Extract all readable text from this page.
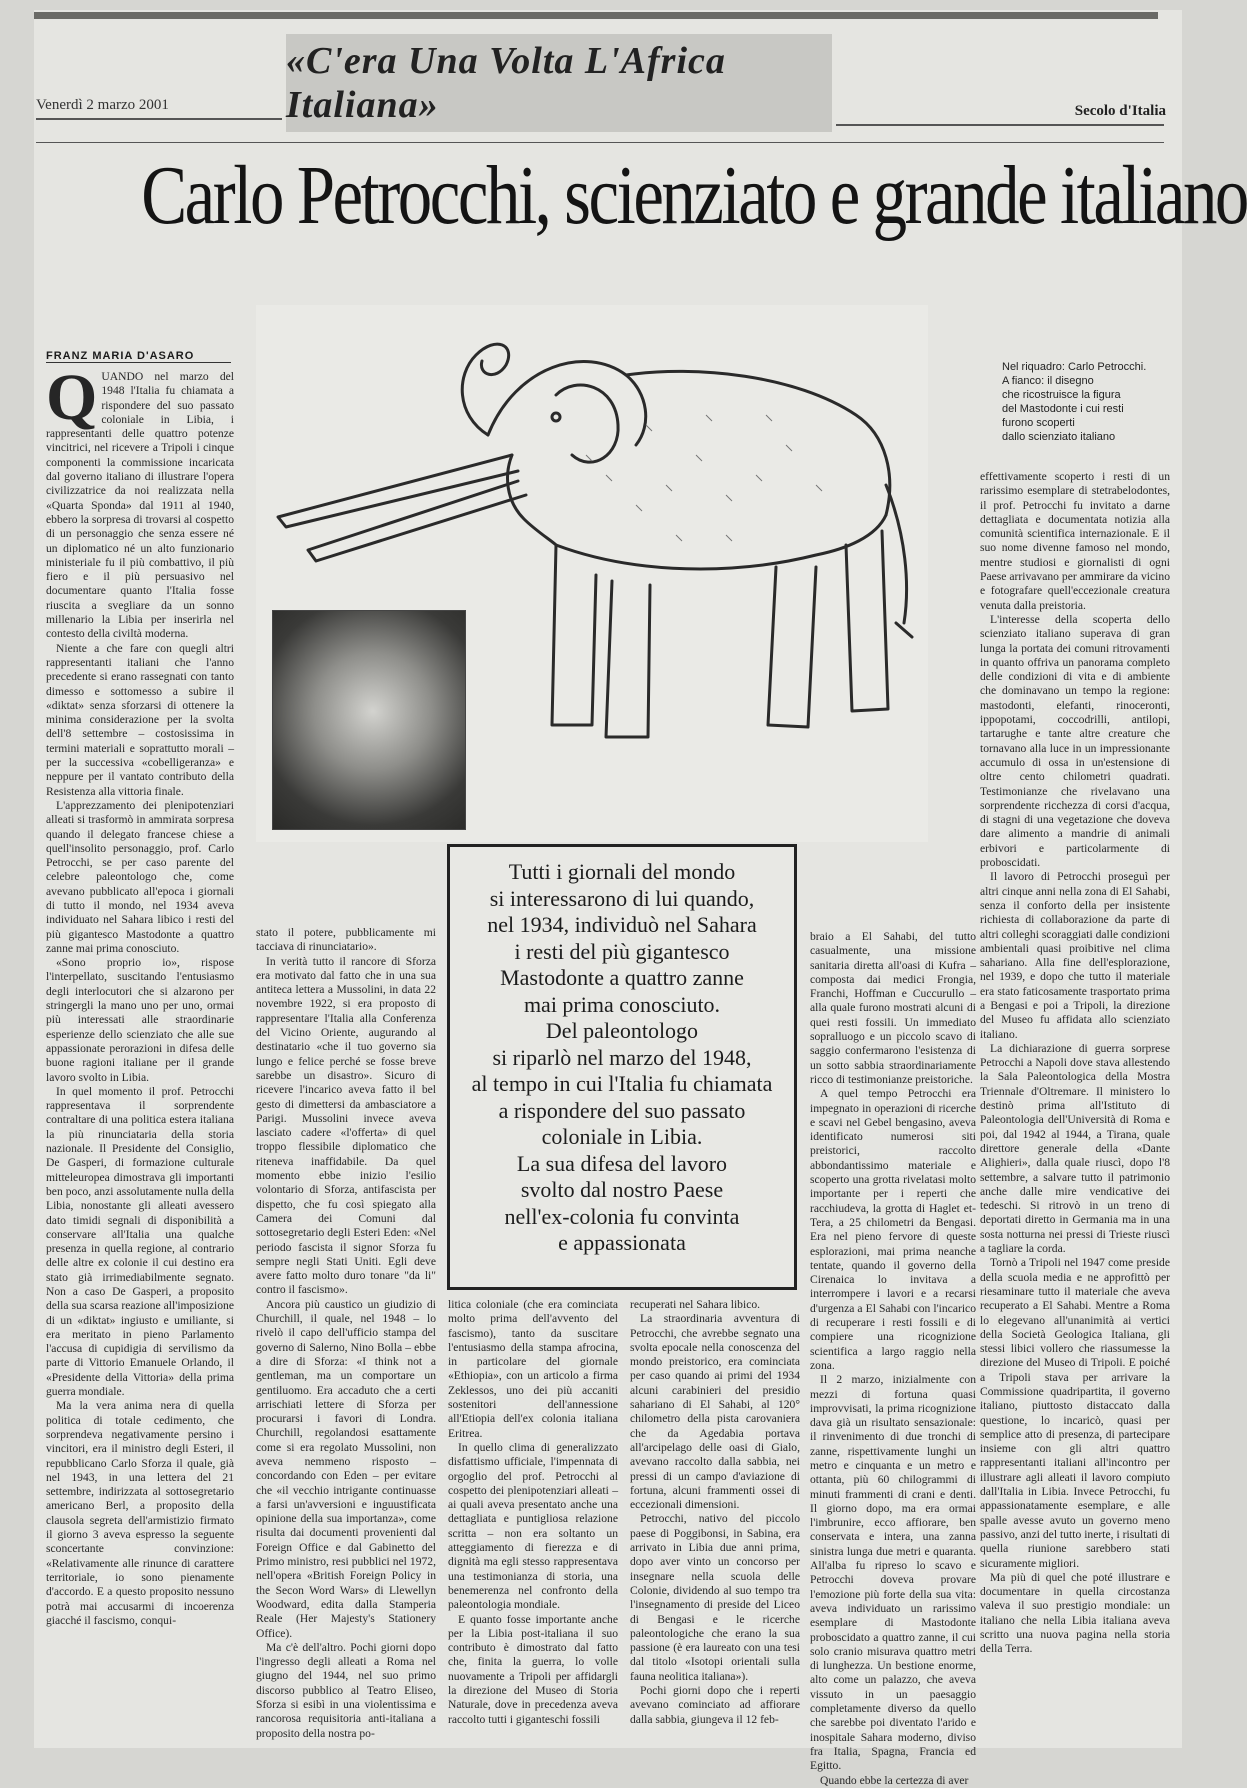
«C'era Una Volta L'Africa Italiana»
Venerdì 2 marzo 2001	Secolo d'Italia
Carlo Petrocchi, scienziato e grande italiano
FRANZ MARIA D'ASARO
Q UANDO nel marzo del 1948 l'Italia fu chiamata a rispondere del suo passato coloniale in Libia, i rappresentanti delle quattro potenze vincitrici, nel ricevere a Tripoli i cinque componenti la commissione incaricata dal governo italiano di illustrare l'opera civilizzatrice da noi realizzata nella «Quarta Sponda» dal 1911 al 1940, ebbero la sorpresa di trovarsi al cospetto di un personaggio che senza essere né un diplomatico né un alto funzionario ministeriale fu il più combattivo, il più fiero e il più persuasivo nel documentare quanto l'Italia fosse riuscita a svegliare da un sonno millenario la Libia per inserirla nel contesto della civiltà moderna.

Niente a che fare con quegli altri rappresentanti italiani che l'anno precedente si erano rassegnati con tanto dimesso e sottomesso a subire il «diktat» senza sforzarsi di ottenere la minima considerazione per la svolta dell'8 settembre – costosissima in termini materiali e soprattutto morali – per la successiva «cobelligeranza» e neppure per il vantato contributo della Resistenza alla vittoria finale.

L'apprezzamento dei plenipotenziari alleati si trasformò in ammirata sorpresa quando il delegato francese chiese a quell'insolito personaggio, prof. Carlo Petrocchi, se per caso parente del celebre paleontologo che, come avevano pubblicato all'epoca i giornali di tutto il mondo, nel 1934 aveva individuato nel Sahara libico i resti del più gigantesco Mastodonte a quattro zanne mai prima conosciuto.

«Sono proprio io», rispose l'interpellato, suscitando l'entusiasmo degli interlocutori che si alzarono per stringergli la mano uno per uno, ormai più interessati alle straordinarie esperienze dello scienziato che alle sue appassionate perorazioni in difesa delle buone ragioni italiane per il grande lavoro svolto in Libia.

In quel momento il prof. Petrocchi rappresentava il sorprendente contraltare di una politica estera italiana la più rinunciataria della storia nazionale. Il Presidente del Consiglio, De Gasperi, di formazione culturale mitteleuropea dimostrava gli importanti ben poco, anzi assolutamente nulla della Libia, nonostante gli alleati avessero dato timidi segnali di disponibilità a conservare all'Italia una qualche presenza in quella regione, al contrario delle altre ex colonie il cui destino era stato già irrimediabilmente segnato. Non a caso De Gasperi, a proposito della sua scarsa reazione all'imposizione di un «diktat» ingiusto e umiliante, si era meritato in pieno Parlamento l'accusa di cupidigia di servilismo da parte di Vittorio Emanuele Orlando, il «Presidente della Vittoria» della prima guerra mondiale.

Ma la vera anima nera di quella politica di totale cedimento, che sorprendeva negativamente persino i vincitori, era il ministro degli Esteri, il repubblicano Carlo Sforza il quale, già nel 1943, in una lettera del 21 settembre, indirizzata al sottosegretario americano Berl, a proposito della clausola segreta dell'armistizio firmato il giorno 3 aveva espresso la seguente sconcertante convinzione: «Relativamente alle rinunce di carattere territoriale, io sono pienamente d'accordo. E a questo proposito nessuno potrà mai accusarmi di incoerenza giacché il fascismo, conqui-

Nel riquadro: Carlo Petrocchi.
A fianco: il disegno
che ricostruisce la figura
del Mastodonte i cui resti
furono scoperti
dallo scienziato italiano

effettivamente scoperto i resti di un rarissimo esemplare di stetrabelodontes, il prof. Petrocchi fu invitato a darne dettagliata e documentata notizia alla comunità scientifica internazionale. E il suo nome divenne famoso nel mondo, mentre studiosi e giornalisti di ogni Paese arrivavano per ammirare da vicino e fotografare quell'eccezionale creatura venuta dalla preistoria.

L'interesse della scoperta dello scienziato italiano superava di gran lunga la portata dei comuni ritrovamenti in quanto offriva un panorama completo delle condizioni di vita e di ambiente che dominavano un tempo la regione: mastodonti, elefanti, rinoceronti, ippopotami, coccodrilli, antilopi, tartarughe e tante altre creature che tornavano alla luce in un impressionante accumulo di ossa in un'estensione di oltre cento chilometri quadrati. Testimonianze che rivelavano una sorprendente ricchezza di corsi d'acqua, di stagni di una vegetazione che doveva dare alimento a mandrie di animali erbivori e particolarmente di proboscidati.

Il lavoro di Petrocchi proseguì per altri cinque anni nella zona di El Sahabi, senza il conforto della per insistente richiesta di collaborazione da parte di altri colleghi scoraggiati dalle condizioni ambientali quasi proibitive nel clima sahariano. Alla fine dell'esplorazione, nel 1939, e dopo che tutto il materiale era stato faticosamente trasportato prima a Bengasi e poi a Tripoli, la direzione del Museo fu affidata allo scienziato italiano.

La dichiarazione di guerra sorprese Petrocchi a Napoli dove stava allestendo la Sala Paleontologica della Mostra Triennale d'Oltremare. Il ministero lo destinò prima all'Istituto di Paleontologia dell'Università di Roma e poi, dal 1942 al 1944, a Tirana, quale direttore generale della «Dante Alighieri», dalla quale riuscì, dopo l'8 settembre, a salvare tutto il patrimonio anche dalle mire vendicative dei tedeschi. Si ritrovò in un treno di deportati diretto in Germania ma in una sosta notturna nei pressi di Trieste riuscì a tagliare la corda.

Tornò a Tripoli nel 1947 come preside della scuola media e ne approfittò per riesaminare tutto il materiale che aveva recuperato a El Sahabi. Mentre a Roma lo elegevano all'unanimità ai vertici della Società Geologica Italiana, gli stessi libici vollero che riassumesse la direzione del Museo di Tripoli. E poiché a Tripoli stava per arrivare la Commissione quadripartita, il governo italiano, piuttosto distaccato dalla questione, lo incaricò, quasi per semplice atto di presenza, di partecipare insieme con gli altri quattro rappresentanti italiani all'incontro per illustrare agli alleati il lavoro compiuto dall'Italia in Libia. Invece Petrocchi, fu appassionatamente esemplare, e alle spalle avesse avuto un governo meno passivo, anzi del tutto inerte, i risultati di quella riunione sarebbero stati sicuramente migliori.

Ma più di quel che poté illustrare e documentare in quella circostanza valeva il suo prestigio mondiale: un italiano che nella Libia italiana aveva scritto una nuova pagina nella storia della Terra.

Tutti i giornali del mondo
si interessarono di lui quando,
nel 1934, individuò nel Sahara
i resti del più gigantesco
Mastodonte a quattro zanne
mai prima conosciuto.
Del paleontologo
si riparlò nel marzo del 1948,
al tempo in cui l'Italia fu chiamata
a rispondere del suo passato
coloniale in Libia.
La sua difesa del lavoro
svolto dal nostro Paese
nell'ex-colonia fu convinta
e appassionata

stato il potere, pubblicamente mi tacciava di rinunciatario».

In verità tutto il rancore di Sforza era motivato dal fatto che in una sua antiteca lettera a Mussolini, in data 22 novembre 1922, si era proposto di rappresentare l'Italia alla Conferenza del Vicino Oriente, augurando al destinatario «che il tuo governo sia lungo e felice perché se fosse breve sarebbe un disastro». Sicuro di ricevere l'incarico aveva fatto il bel gesto di dimettersi da ambasciatore a Parigi. Mussolini invece aveva lasciato cadere «l'offerta» di quel troppo flessibile diplomatico che riteneva inaffidabile. Da quel momento ebbe inizio l'esilio volontario di Sforza, antifascista per dispetto, che fu così spiegato alla Camera dei Comuni dal sottosegretario degli Esteri Eden: «Nel periodo fascista il signor Sforza fu sempre negli Stati Uniti. Egli deve avere fatto molto duro tonare "da li" contro il fascismo».

Ancora più caustico un giudizio di Churchill, il quale, nel 1948 – lo rivelò il capo dell'ufficio stampa del governo di Salerno, Nino Bolla – ebbe a dire di Sforza: «I think not a gentleman, ma un comportare un gentiluomo. Era accaduto che a certi arrischiati lettere di Sforza per procurarsi i favori di Londra. Churchill, regolandosi esattamente come si era regolato Mussolini, non aveva nemmeno risposto – concordando con Eden – per evitare che «il vecchio intrigante continuasse a farsi un'avversioni e inguustificata opinione della sua importanza», come risulta dai documenti provenienti dal Foreign Office e dal Gabinetto del Primo ministro, resi pubblici nel 1972, nell'opera «British Foreign Policy in the Secon Word Wars» di Llewellyn Woodward, edita dalla Stamperia Reale (Her Majesty's Stationery Office).

Ma c'è dell'altro. Pochi giorni dopo l'ingresso degli alleati a Roma nel giugno del 1944, nel suo primo discorso pubblico al Teatro Eliseo, Sforza si esibì in una violentissima e rancorosa requisitoria anti-italiana a proposito della nostra po-

litica coloniale (che era cominciata molto prima dell'avvento del fascismo), tanto da suscitare l'entusiasmo della stampa afrocina, in particolare del giornale «Ethiopia», con un articolo a firma Zeklessos, uno dei più accaniti sostenitori dell'annessione all'Etiopia dell'ex colonia italiana Eritrea.

In quello clima di generalizzato disfattismo ufficiale, l'impennata di orgoglio del prof. Petrocchi al cospetto dei plenipotenziari alleati – ai quali aveva presentato anche una dettagliata e puntigliosa relazione scritta – non era soltanto un atteggiamento di fierezza e di dignità ma egli stesso rappresentava una testimonianza di storia, una benemerenza nel confronto della paleontologia mondiale.

E quanto fosse importante anche per la Libia post-italiana il suo contributo è dimostrato dal fatto che, finita la guerra, lo volle nuovamente a Tripoli per affidargli la direzione del Museo di Storia Naturale, dove in precedenza aveva raccolto tutti i giganteschi fossili

recuperati nel Sahara libico.

La straordinaria avventura di Petrocchi, che avrebbe segnato una svolta epocale nella conoscenza del mondo preistorico, era cominciata per caso quando ai primi del 1934 alcuni carabinieri del presidio sahariano di El Sahabi, al 120° chilometro della pista carovaniera che da Agedabia portava all'arcipelago delle oasi di Gialo, avevano raccolto dalla sabbia, nei pressi di un campo d'aviazione di fortuna, alcuni frammenti ossei di eccezionali dimensioni.

Petrocchi, nativo del piccolo paese di Poggibonsi, in Sabina, era arrivato in Libia due anni prima, dopo aver vinto un concorso per insegnare nella scuola delle Colonie, dividendo al suo tempo tra l'insegnamento di preside del Liceo di Bengasi e le ricerche paleontologiche che erano la sua passione (è era laureato con una tesi dal titolo «Isotopi orientali sulla fauna neolitica italiana»).

Pochi giorni dopo che i reperti avevano cominciato ad affiorare dalla sabbia, giungeva il 12 feb-

braio a El Sahabi, del tutto casualmente, una missione sanitaria diretta all'oasi di Kufra – composta dai medici Frongia, Franchi, Hoffman e Cuccurullo – alla quale furono mostrati alcuni di quei resti fossili. Un immediato sopralluogo e un piccolo scavo di saggio confermarono l'esistenza di un sotto sabbia straordinariamente ricco di testimonianze preistoriche.

A quel tempo Petrocchi era impegnato in operazioni di ricerche e scavi nel Gebel bengasino, aveva identificato numerosi siti preistorici, raccolto abbondantissimo materiale e scoperto una grotta rivelatasi molto importante per i reperti che racchiudeva, la grotta di Haglet et-Tera, a 25 chilometri da Bengasi. Era nel pieno fervore di queste esplorazioni, mai prima neanche tentate, quando il governo della Cirenaica lo invitava a interrompere i lavori e a recarsi d'urgenza a El Sahabi con l'incarico di recuperare i resti fossili e di compiere una ricognizione scientifica a largo raggio nella zona.

Il 2 marzo, inizialmente con mezzi di fortuna quasi improvvisati, la prima ricognizione dava già un risultato sensazionale: il rinvenimento di due tronchi di zanne, rispettivamente lunghi un metro e cinquanta e un metro e ottanta, più 60 chilogrammi di minuti frammenti di crani e denti. Il giorno dopo, ma era ormai l'imbrunire, ecco affiorare, ben conservata e intera, una zanna sinistra lunga due metri e quaranta. All'alba fu ripreso lo scavo e Petrocchi doveva provare l'emozione più forte della sua vita: aveva individuato un rarissimo esemplare di Mastodonte proboscidato a quattro zanne, il cui solo cranio misurava quattro metri di lunghezza. Un bestione enorme, alto come un palazzo, che aveva vissuto in un paesaggio completamente diverso da quello che sarebbe poi diventato l'arido e inospitale Sahara moderno, diviso fra Italia, Spagna, Francia ed Egitto.

Quando ebbe la certezza di aver
